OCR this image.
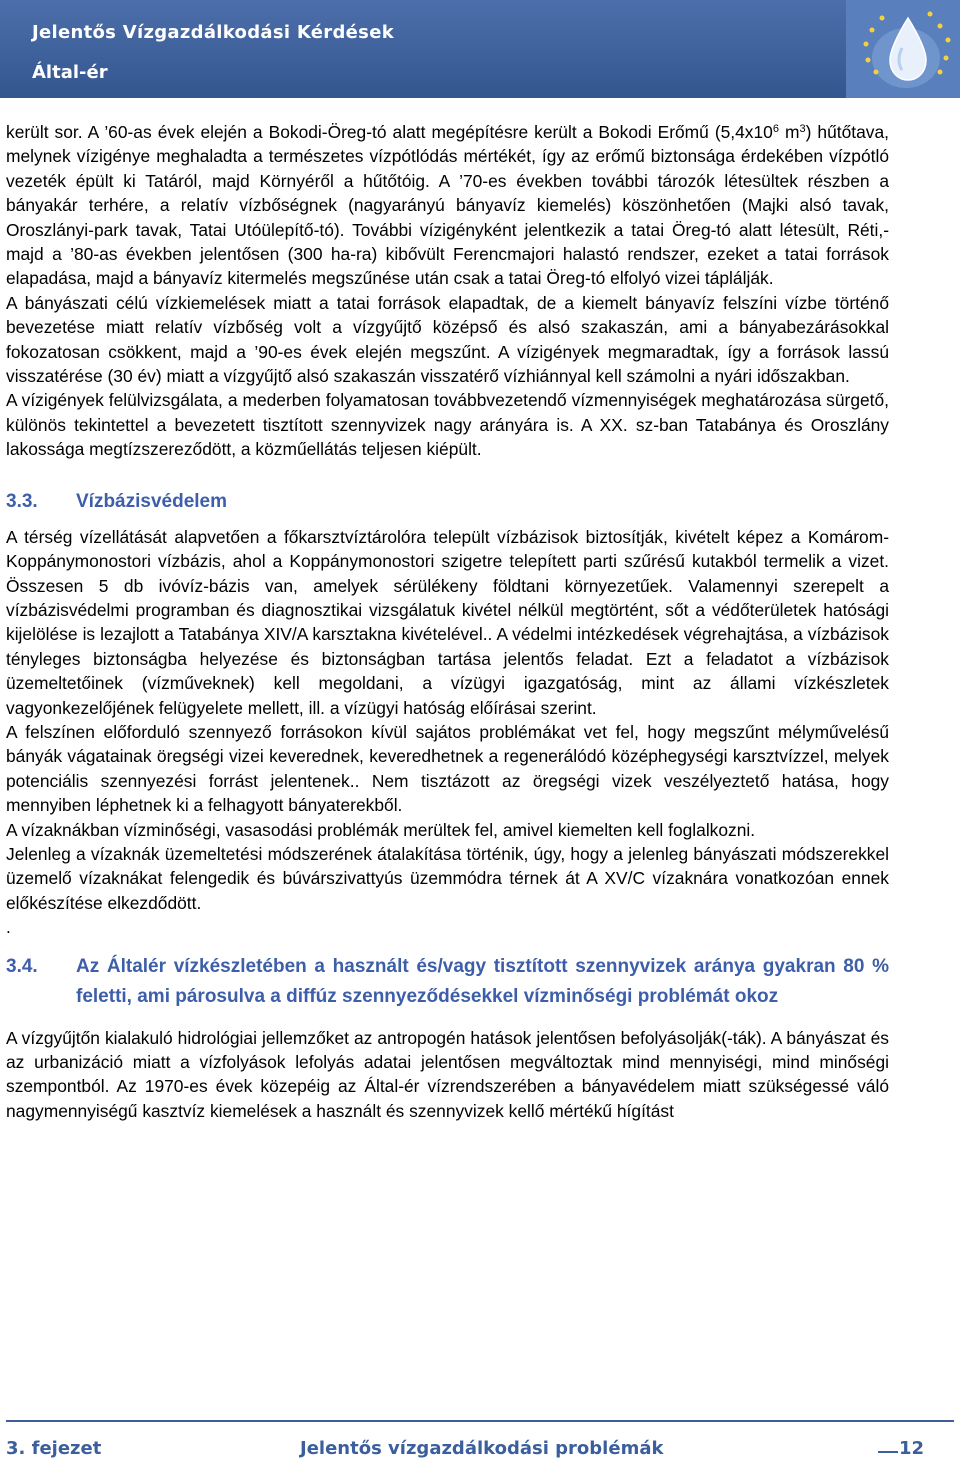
Jelentős Vízgazdálkodási Kérdések
Által-ér

került sor. A ’60-as évek elején a Bokodi-Öreg-tó alatt megépítésre került a Bokodi Erőmű ($5,4x10^6$ $m^3$) hűtőtava, melynek vízigénye meghaladta a természetes vízpótlódás mértékét, így az erőmű biztonsága érdekében vízpótló vezeték épült ki Tatáról, majd Környéről a hűtőtóig. A ’70-es években további tározók létesültek részben a bányakár terhére, a relatív vízbőségnek (nagyarányú bányavíz kiemelés) köszönhetően (Majki alsó tavak, Oroszlányi-park tavak, Tatai Utóülepítő-tó). További vízigényként jelentkezik a tatai Öreg-tó alatt létesült, Réti,- majd a ’80-as években jelentősen (300 ha-ra) kibővült Ferencmajori halastó rendszer, ezeket a tatai források elapadása, majd a bányavíz kitermelés megszűnése után csak a tatai Öreg-tó elfolyó vizei táplálják.

A bányászati célú vízkiemelések miatt a tatai források elapadtak, de a kiemelt bányavíz felszíni vízbe történő bevezetése miatt relatív vízbőség volt a vízgyűjtő középső és alsó szakaszán, ami a bányabezárásokkal fokozatosan csökkent, majd a ’90-es évek elején megszűnt. A vízigények megmaradtak, így a források lassú visszatérése (30 év) miatt a vízgyűjtő alsó szakaszán visszatérő vízhiánnyal kell számolni a nyári időszakban.

A vízigények felülvizsgálata, a mederben folyamatosan továbbvezetendő vízmennyiségek meghatározása sürgető, különös tekintettel a bevezetett tisztított szennyvizek nagy arányára is. A XX. sz-ban Tatabánya és Oroszlány lakossága megtízszereződött, a közműellátás teljesen kiépült.

3.3.	Vízbázisvédelem

A térség vízellátását alapvetően a főkarsztvíztárolóra települt vízbázisok biztosítják, kivételt képez a Komárom-Koppánymonostori vízbázis, ahol a Koppánymonostori szigetre telepített parti szűrésű kutakból termelik a vizet. Összesen 5 db ivóvíz-bázis van, amelyek sérülékeny földtani környezetűek. Valamennyi szerepelt a vízbázisvédelmi programban és diagnosztikai vizsgálatuk kivétel nélkül megtörtént, sőt a védőterületek hatósági kijelölése is lezajlott a Tatabánya XIV/A karsztakna kivételével.. A védelmi intézkedések végrehajtása, a vízbázisok tényleges biztonságba helyezése és biztonságban tartása jelentős feladat. Ezt a feladatot a vízbázisok üzemeltetőinek (vízműveknek) kell megoldani, a vízügyi igazgatóság, mint az állami vízkészletek vagyonkezelőjének felügyelete mellett, ill. a vízügyi hatóság előírásai szerint.

A felszínen előforduló szennyező forrásokon kívül sajátos problémákat vet fel, hogy megszűnt mélyművelésű bányák vágatainak öregségi vizei keverednek, keveredhetnek a regenerálódó középhegységi karsztvízzel, melyek potenciális szennyezési forrást jelentenek.. Nem tisztázott az öregségi vizek veszélyeztető hatása, hogy mennyiben léphetnek ki a felhagyott bányaterekből.

A vízaknákban vízminőségi, vasasodási problémák merültek fel, amivel kiemelten kell foglalkozni.

Jelenleg a vízaknák üzemeltetési módszerének átalakítása történik, úgy, hogy a jelenleg bányászati módszerekkel üzemelő vízaknákat felengedik és búvárszivattyús üzemmódra térnek át A XV/C vízaknára vonatkozóan ennek előkészítése elkezdődött.

.

3.4.	Az Általér vízkészletében a használt és/vagy tisztított szennyvizek aránya gyakran 80 % feletti, ami párosulva a diffúz szennyeződésekkel vízminőségi problémát okoz

A vízgyűjtőn kialakuló hidrológiai jellemzőket az antropogén hatások jelentősen befolyásolják(-ták). A bányászat és az urbanizáció miatt a vízfolyások lefolyás adatai jelentősen megváltoztak mind mennyiségi, mind minőségi szempontból. Az 1970-es évek közepéig az Által-ér vízrendszerében a bányavédelem miatt szükségessé váló nagymennyiségű kasztvíz kiemelések a használt és szennyvizek kellő mértékű hígítást

3. fejezet	Jelentős vízgazdálkodási problémák	12
